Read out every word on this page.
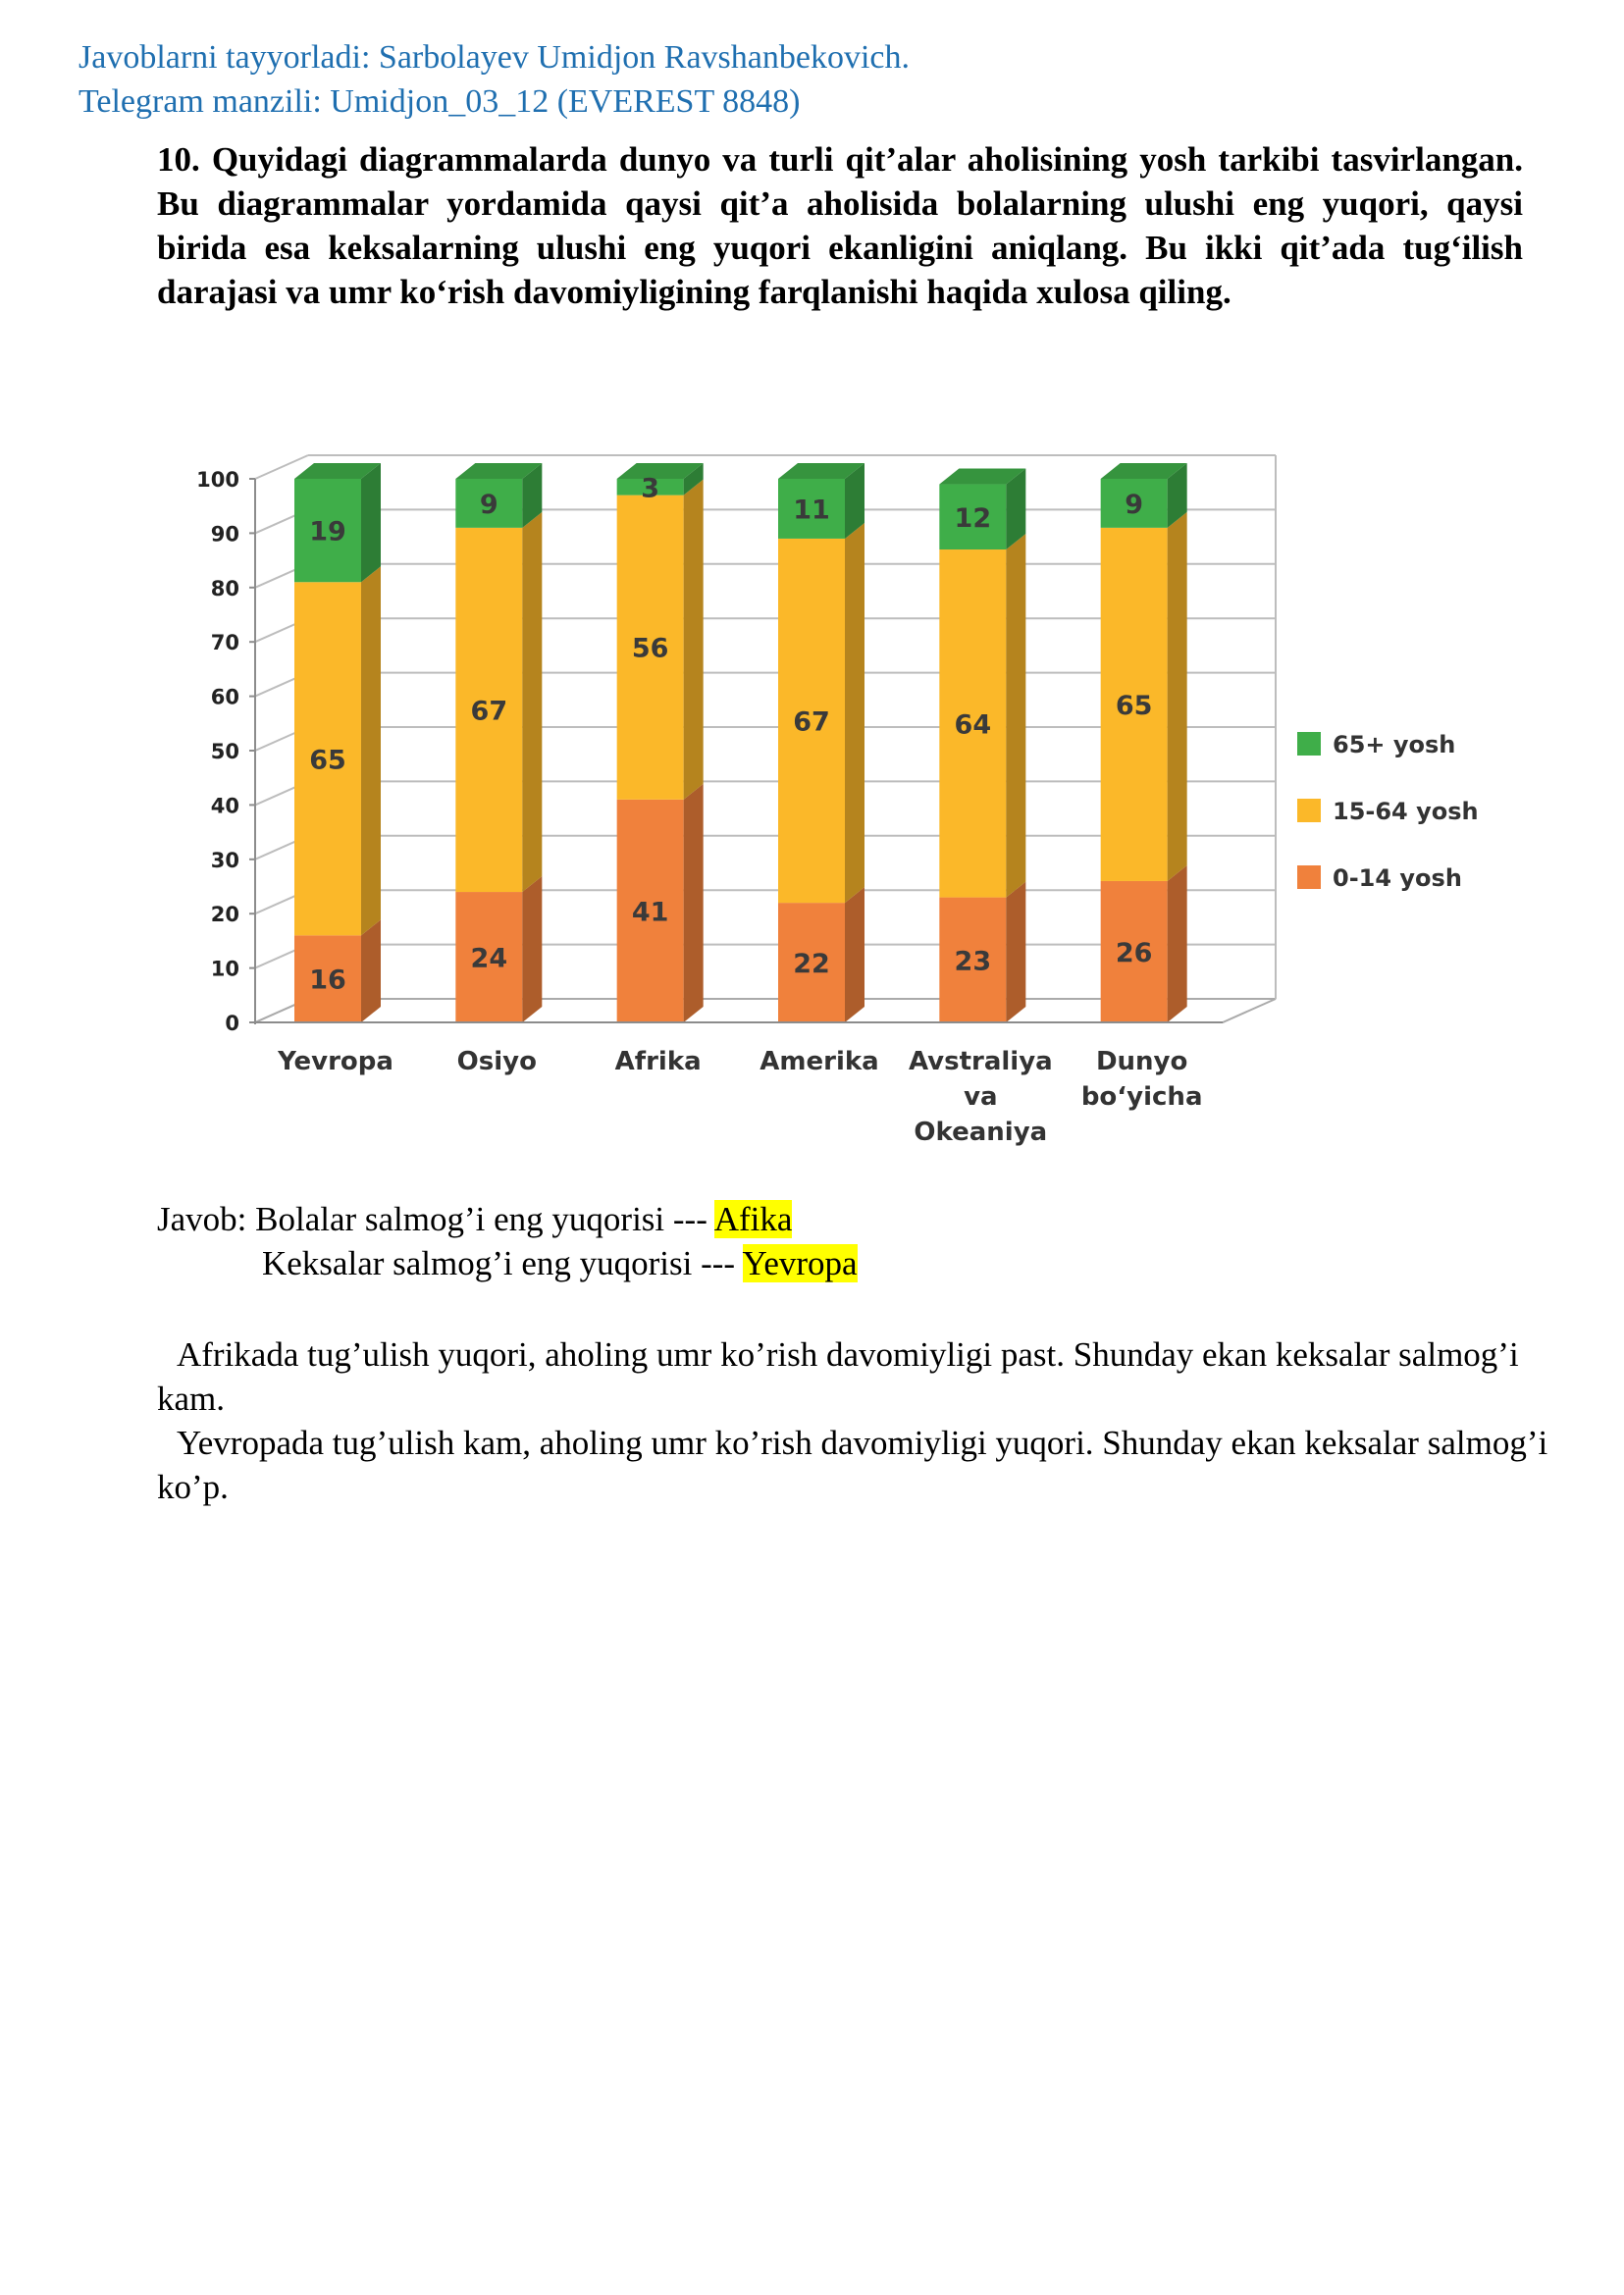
Javoblarni tayyorladi: Sarbolayev Umidjon Ravshanbekovich.
Telegram manzili: Umidjon_03_12 (EVEREST 8848)
10. Quyidagi diagrammalarda dunyo va turli qit’alar aholisining yosh tarkibi tasvirlangan. Bu diagrammalar yordamida qaysi qit’a aholisida bolalarning ulushi eng yuqori, qaysi birida esa keksalarning ulushi eng yuqori ekanligini aniqlang. Bu ikki qit’ada tug‘ilish darajasi va umr ko‘rish davomiyligining farqlanishi haqida xulosa qiling.
16
65
19
24
67
9
41
56
3
22
67
11
23
64
12
26
65
9
0
10
20
30
40
50
60
70
80
90
100
Yevropa Osiyo	Afrika Amerika Avstraliya
va
Okeaniya
Dunyo
bo‘yicha
65+ yosh
15-64 yosh
0-14 yosh
Javob: Bolalar salmog’i eng yuqorisi --- Afika
Keksalar salmog’i eng yuqorisi --- Yevropa

Afrikada tug’ulish yuqori, aholing umr ko’rish davomiyligi past. Shunday ekan keksalar salmog’i kam.

Yevropada tug’ulish kam, aholing umr ko’rish davomiyligi yuqori. Shunday ekan keksalar salmog’i ko’p.
